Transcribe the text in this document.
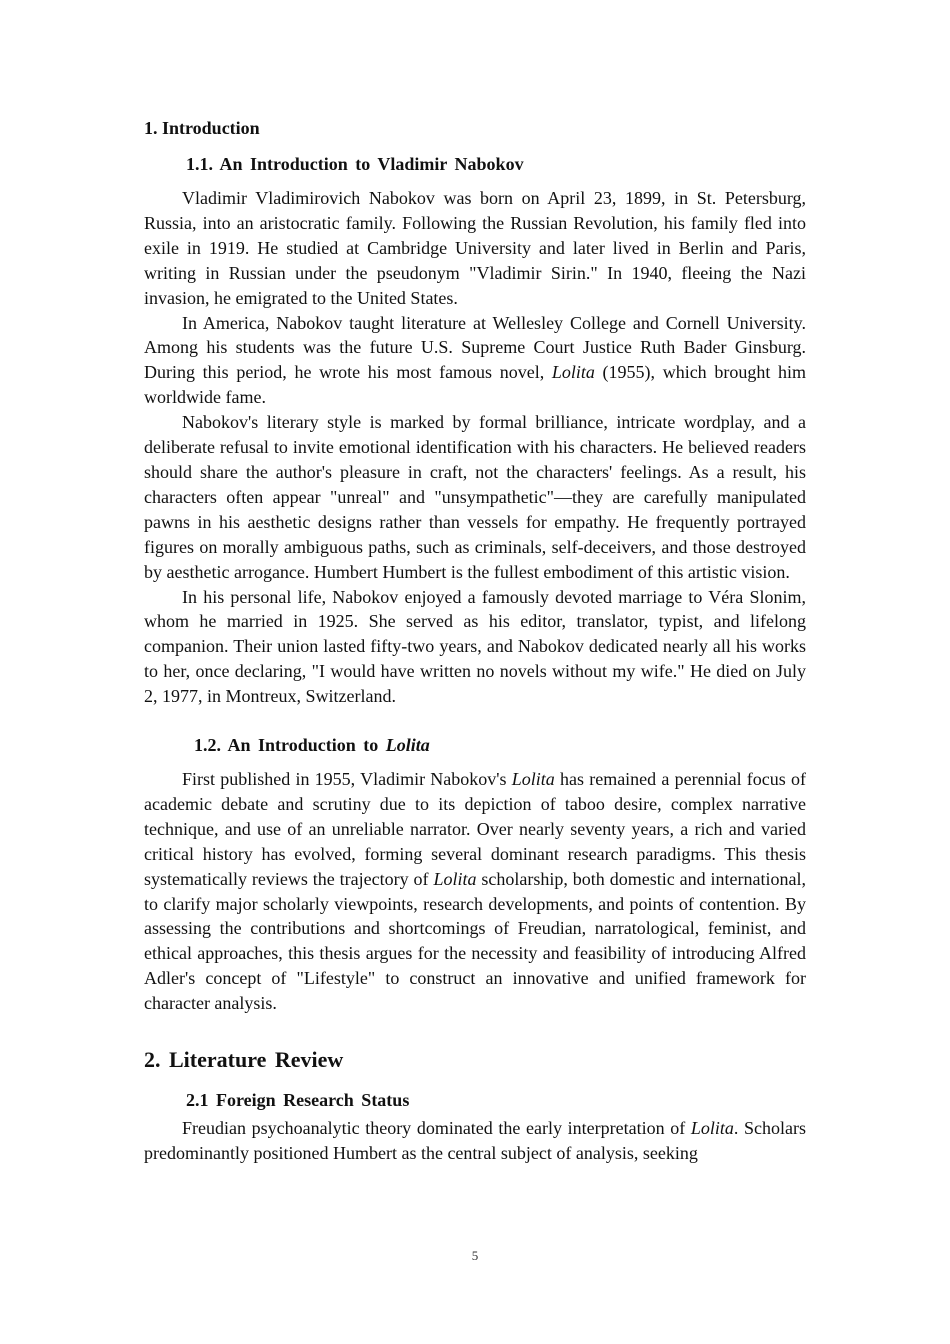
1. Introduction
1.1. An Introduction to Vladimir Nabokov

Vladimir Vladimirovich Nabokov was born on April 23, 1899, in St. Petersburg, Russia, into an aristocratic family. Following the Russian Revolution, his family fled into exile in 1919. He studied at Cambridge University and later lived in Berlin and Paris, writing in Russian under the pseudonym "Vladimir Sirin." In 1940, fleeing the Nazi invasion, he emigrated to the United States.

In America, Nabokov taught literature at Wellesley College and Cornell University. Among his students was the future U.S. Supreme Court Justice Ruth Bader Ginsburg. During this period, he wrote his most famous novel, Lolita (1955), which brought him worldwide fame.

Nabokov's literary style is marked by formal brilliance, intricate wordplay, and a deliberate refusal to invite emotional identification with his characters. He believed readers should share the author's pleasure in craft, not the characters' feelings. As a result, his characters often appear "unreal" and "unsympathetic"—they are carefully manipulated pawns in his aesthetic designs rather than vessels for empathy. He frequently portrayed figures on morally ambiguous paths, such as criminals, self-deceivers, and those destroyed by aesthetic arrogance. Humbert Humbert is the fullest embodiment of this artistic vision.

In his personal life, Nabokov enjoyed a famously devoted marriage to Véra Slonim, whom he married in 1925. She served as his editor, translator, typist, and lifelong companion. Their union lasted fifty-two years, and Nabokov dedicated nearly all his works to her, once declaring, "I would have written no novels without my wife." He died on July 2, 1977, in Montreux, Switzerland.

1.2. An Introduction to Lolita

First published in 1955, Vladimir Nabokov's Lolita has remained a perennial focus of academic debate and scrutiny due to its depiction of taboo desire, complex narrative technique, and use of an unreliable narrator. Over nearly seventy years, a rich and varied critical history has evolved, forming several dominant research paradigms. This thesis systematically reviews the trajectory of Lolita scholarship, both domestic and international, to clarify major scholarly viewpoints, research developments, and points of contention. By assessing the contributions and shortcomings of Freudian, narratological, feminist, and ethical approaches, this thesis argues for the necessity and feasibility of introducing Alfred Adler's concept of "Lifestyle" to construct an innovative and unified framework for character analysis.

2. Literature Review
2.1 Foreign Research Status

Freudian psychoanalytic theory dominated the early interpretation of Lolita. Scholars predominantly positioned Humbert as the central subject of analysis, seeking

5
